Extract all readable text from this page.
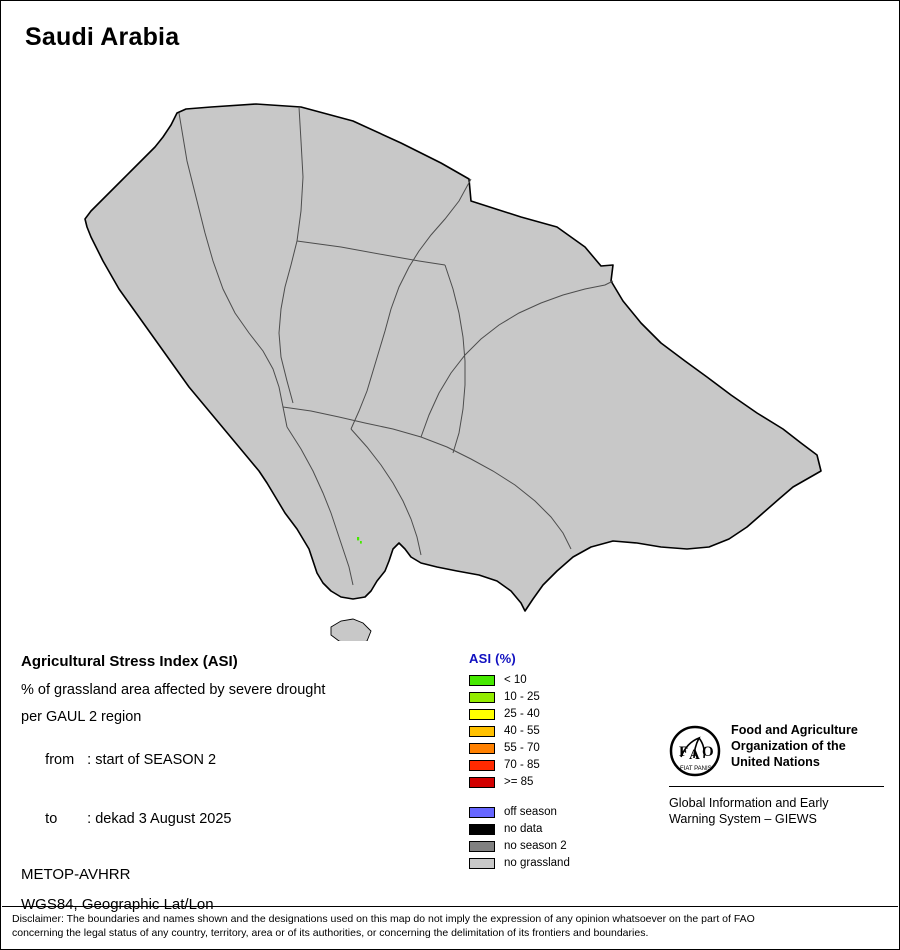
Saudi Arabia
Agricultural Stress Index (ASI)
% of grassland area affected by severe drought
per GAUL 2 region

from : start of SEASON 2

to : dekad 3 August 2025

METOP-AVHRR
WGS84, Geographic Lat/Lon
ASI (%)
< 10
10 - 25
25 - 40
40 - 55
55 - 70
70 - 85
>= 85
off season
no data
no season 2
no grassland
F A O
FIAT PANIS
Food and Agriculture
Organization of the
United Nations
Global Information and Early
Warning System – GIEWS

Disclaimer: The boundaries and names shown and the designations used on this map do not imply the expression of any opinion whatsoever on the part of FAO

concerning the legal status of any country, territory, area or of its authorities, or concerning the delimitation of its frontiers and boundaries.
